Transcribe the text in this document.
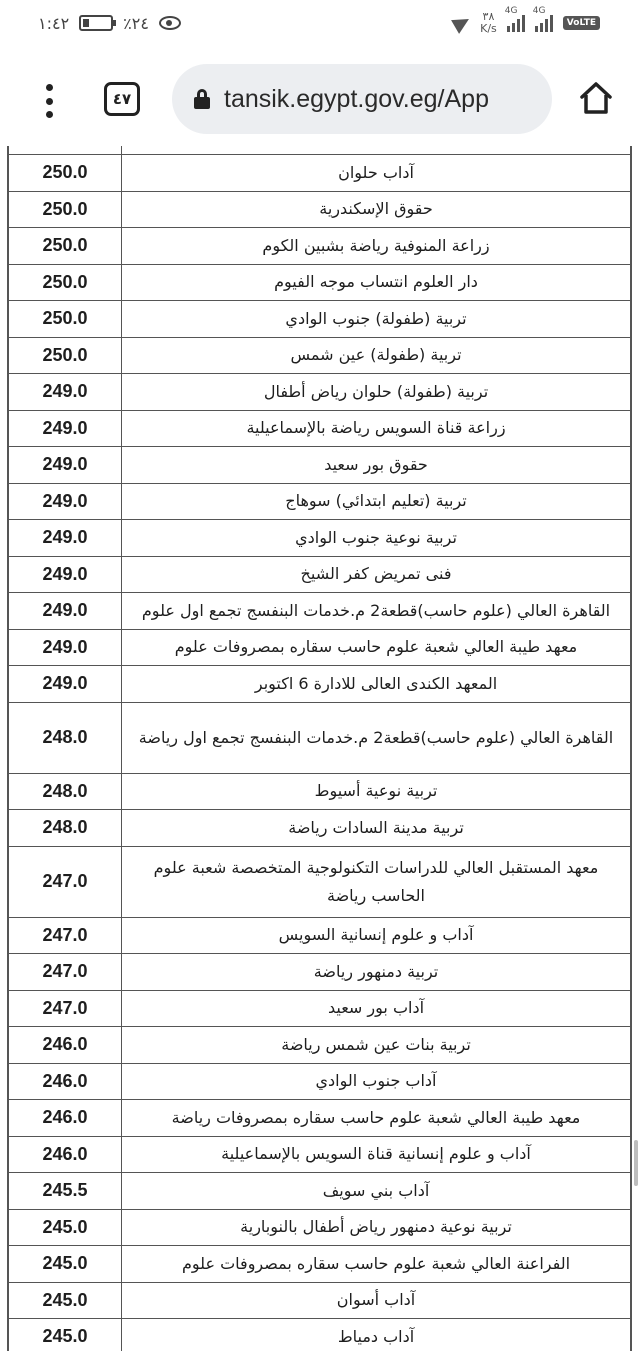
١:٤٢	٪٢٤	٣٨
K/s
4G 4G
VoLTE
٤٧	tansik.egypt.gov.eg/App
250.0	آداب حلوان
250.0	حقوق الإسكندرية
250.0	زراعة المنوفية رياضة بشبين الكوم
250.0	دار العلوم انتساب موجه الفيوم
250.0	تربية (طفولة) جنوب الوادي
250.0	تربية (طفولة) عين شمس
249.0	تربية (طفولة) حلوان رياض أطفال
249.0	زراعة قناة السويس رياضة بالإسماعيلية
249.0	حقوق بور سعيد
249.0	تربية (تعليم ابتدائي) سوهاج
249.0	تربية نوعية جنوب الوادي
249.0	فنى تمريض كفر الشيخ
249.0	القاهرة العالي (علوم حاسب)قطعة2 م.خدمات البنفسج تجمع اول علوم
249.0	معهد طيبة العالي شعبة علوم حاسب سقاره بمصروفات علوم
249.0	المعهد الكندى العالى للادارة 6 اكتوبر
248.0	القاهرة العالي (علوم حاسب)قطعة2 م.خدمات البنفسج تجمع اول رياضة
248.0	تربية نوعية أسيوط
248.0	تربية مدينة السادات رياضة
247.0
معهد المستقبل العالي للدراسات التكنولوجية المتخصصة شعبة علوم الحاسب رياضة
247.0	آداب و علوم إنسانية السويس
247.0	تربية دمنهور رياضة
247.0	آداب بور سعيد
246.0	تربية بنات عين شمس رياضة
246.0	آداب جنوب الوادي
246.0	معهد طيبة العالي شعبة علوم حاسب سقاره بمصروفات رياضة
246.0	آداب و علوم إنسانية قناة السويس بالإسماعيلية
245.5	آداب بني سويف
245.0	تربية نوعية دمنهور رياض أطفال بالنوبارية
245.0	الفراعنة العالي شعبة علوم حاسب سقاره بمصروفات علوم
245.0	آداب أسوان
245.0	آداب دمياط
